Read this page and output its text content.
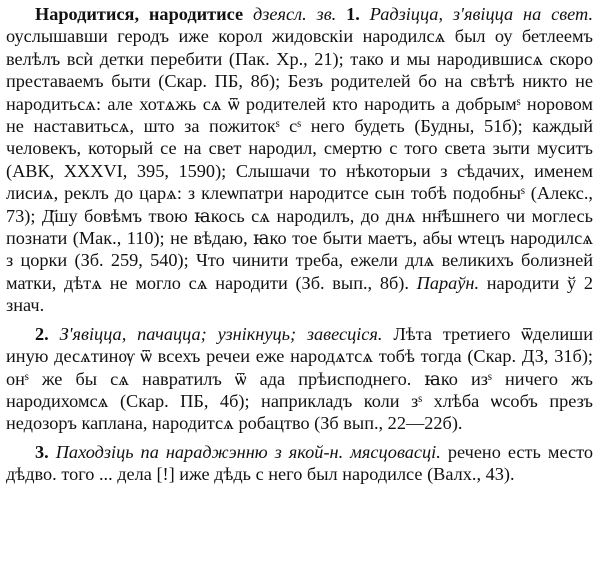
Народитися, народитисе дзеясл. зв. 1. Радзіцца, з'явіцца на свет. оуслышавши геродъ иже корол жидовскіи народилсѧ был оу бетлеемъ велѣлъ всѝ детки перебити (Пак. Хр., 21); тако и мы народившисѧ скоро преставаемъ быти (Скар. ПБ, 8б); Безъ родителей бо на свѣтѣ никто не народитьсѧ: але хотѧжь сѧ ѿ родителей кто народить а добрымˢ норовом не наставитьсѧ, што за пожитокˢ сˢ него будеть (Будны, 51б); каждый человекъ, который се на свет народил, смертю с того света зыти муситъ (АВК, XXXVI, 395, 1590); Слышачи то нѣкоторыи з сѣдачих, именем лисиѧ, реклъ до царѧ: з клеѡпатри народитсе сын тобѣ подобныˢ (Алекс., 73); Д҃шу бовѣмъ твою ꙗкось сѧ народилъ, до днѧ нн҃ѣшнего чи моглесь познати (Мак., 110); не вѣдаю, ꙗко тое быти маетъ, абы ѡтецъ народилсѧ з цорки (Зб. 259, 540); Что чинити треба, ежели длѧ великихъ болизней матки, дѣтѧ не могло сѧ народити (Зб. вып., 8б). Параўн. народити ў 2 знач.

2. З'явіцца, пачацца; узнікнуць; завесціся. Лѣта третиего ѿделиши иную десѧтинѹ ѿ всехъ речеи еже народѧтсѧ тобѣ тогда (Скар. ДЗ, 31б); онˢ же бы сѧ навратилъ ѿ ада прѣисподнего. ꙗко изˢ ничего жъ народихомсѧ (Скар. ПБ, 4б); наприкладъ коли зˢ хлѣба ѡсобъ презъ недозоръ каплана, народитсѧ робацтво (Зб вып., 22—22б).

3. Паходзіць па нараджэнню з якой-н. мясцовасці. речено есть место дѣдво. того ... дела [!] иже дѣдь с него был народилсе (Валх., 43).
